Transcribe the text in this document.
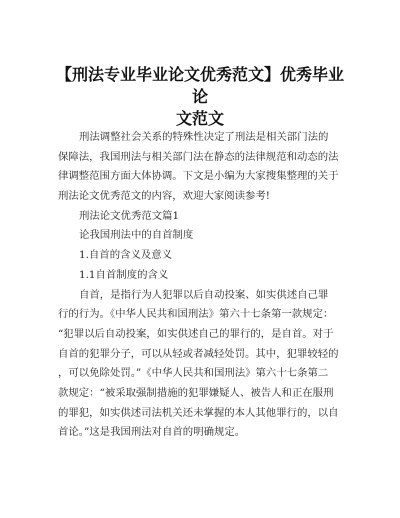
【刑法专业毕业论文优秀范文】优秀毕业论
文范文
刑法调整社会关系的特殊性决定了刑法是相关部门法的
保障法，我国刑法与相关部门法在静态的法律规范和动态的法
律调整范围方面大体协调。下文是小编为大家搜集整理的关于
刑法论文优秀范文的内容，欢迎大家阅读参考!
刑法论文优秀范文篇1
论我国刑法中的自首制度
1.自首的含义及意义
1.1自首制度的含义
自首，是指行为人犯罪以后自动投案、如实供述自己罪
行的行为。《中华人民共和国刑法》第六十七条第一款规定：
“犯罪以后自动投案，如实供述自己的罪行的，是自首。对于
自首的犯罪分子，可以从轻或者减轻处罚。其中，犯罪较轻的
，可以免除处罚。”《中华人民共和国刑法》第六十七条第二
款规定：“被采取强制措施的犯罪嫌疑人、被告人和正在服刑
的罪犯，如实供述司法机关还未掌握的本人其他罪行的，以自
首论。”这是我国刑法对自首的明确规定。
